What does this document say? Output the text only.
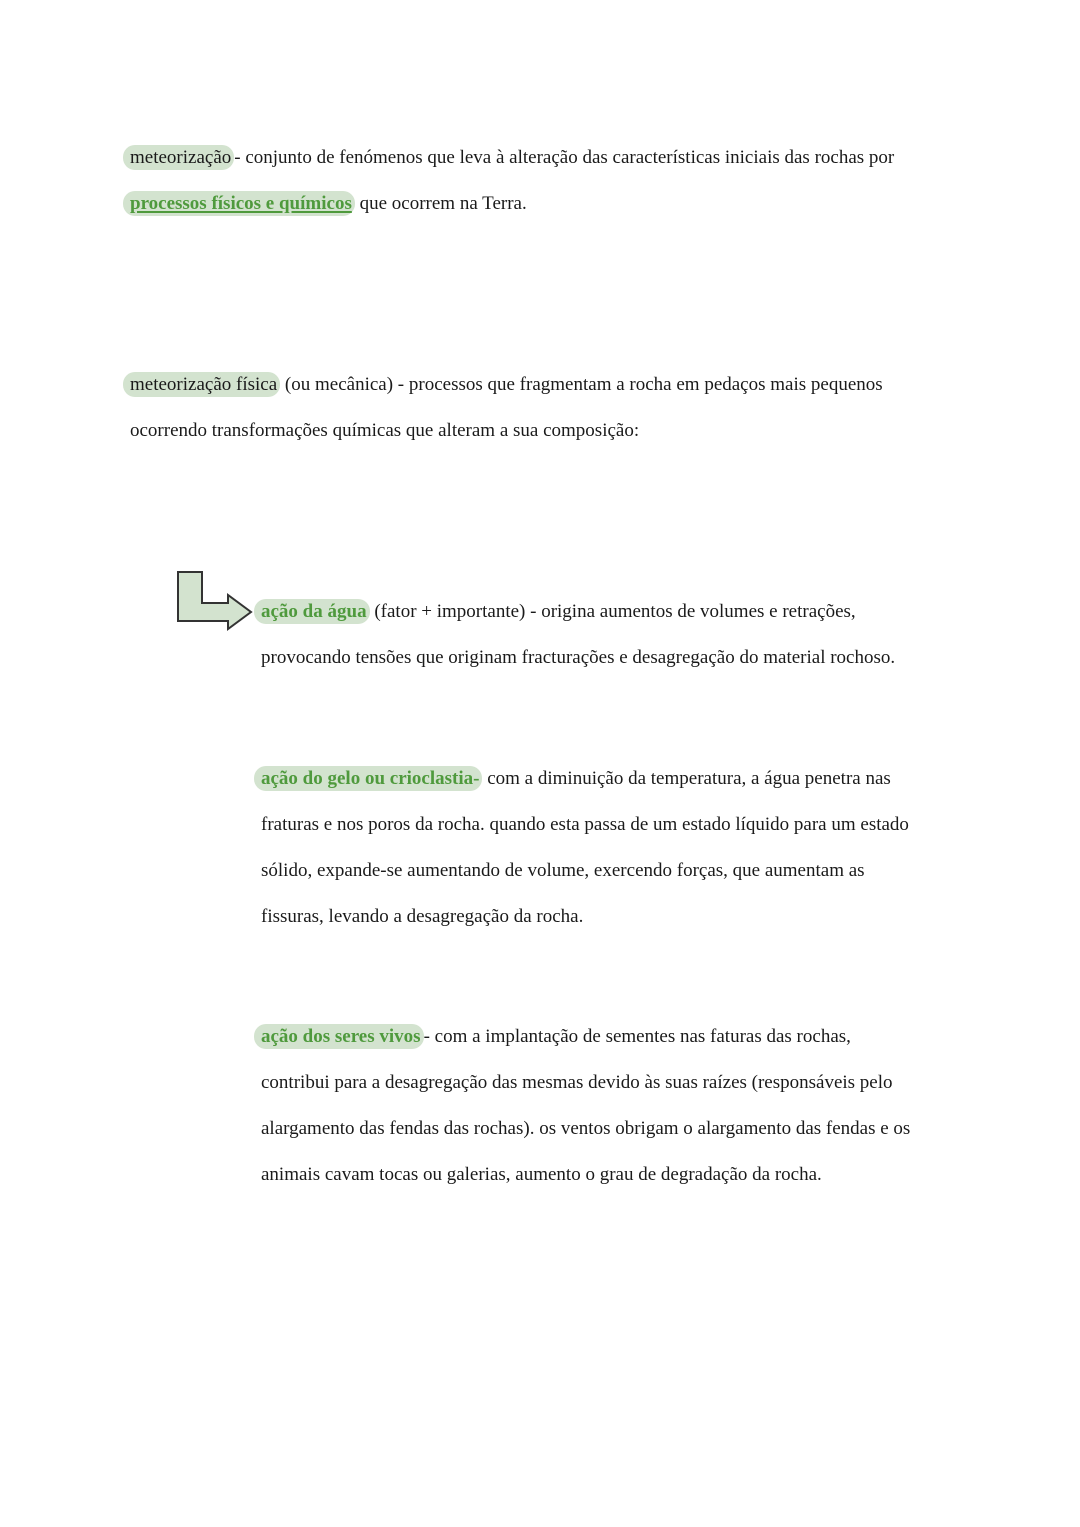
meteorização - conjunto de fenómenos que leva à alteração das características iniciais das rochas por
processos físicos e químicos que ocorrem na Terra.
meteorização física (ou mecânica) - processos que fragmentam a rocha em pedaços mais pequenos
ocorrendo transformações químicas que alteram a sua composição:
ação da água (fator + importante) - origina aumentos de volumes e retrações,
provocando tensões que originam fracturações e desagregação do material rochoso.
ação do gelo ou crioclastia- com a diminuição da temperatura, a água penetra nas
fraturas e nos poros da rocha. quando esta passa de um estado líquido para um estado
sólido, expande-se aumentando de volume, exercendo forças, que aumentam as
fissuras, levando a desagregação da rocha.
ação dos seres vivos - com a implantação de sementes nas faturas das rochas,
contribui para a desagregação das mesmas devido às suas raízes (responsáveis pelo
alargamento das fendas das rochas). os ventos obrigam o alargamento das fendas e os
animais cavam tocas ou galerias, aumento o grau de degradação da rocha.
